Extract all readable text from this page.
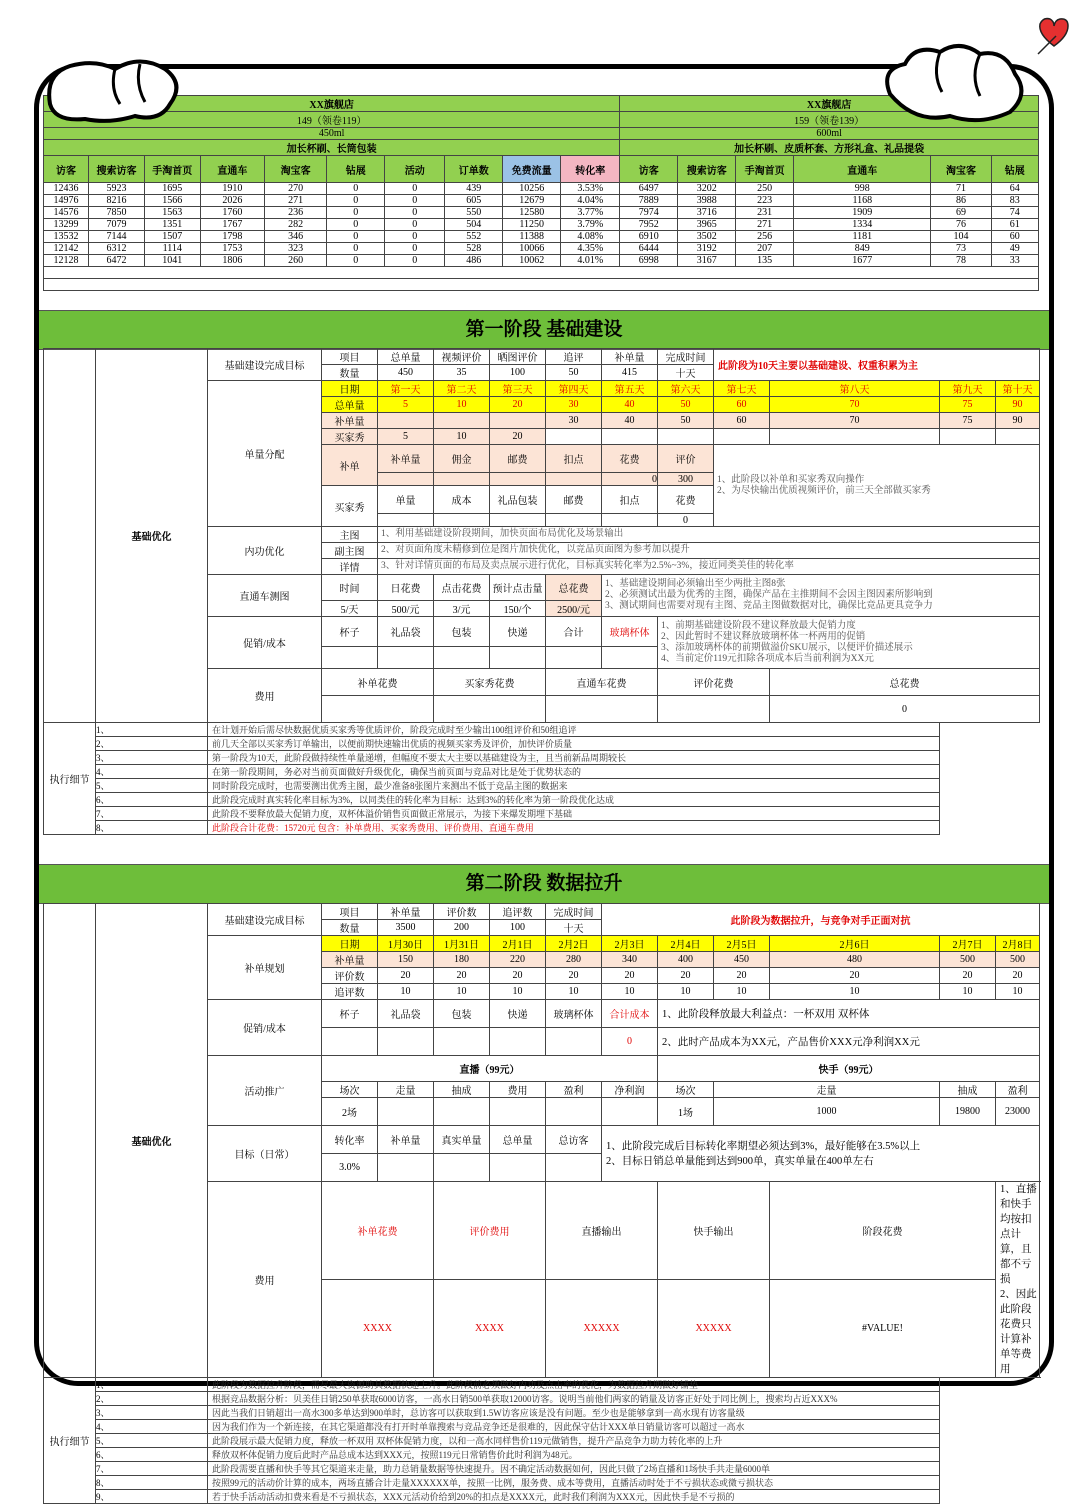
XX旗舰店										XX旗舰店					
149（领卷119）										159（领卷139）					
450ml										600ml					
加长杯刷、长筒包装										加长杯刷、皮质杯套、方形礼盒、礼品提袋					
访客	搜索访客	手淘首页	直通车	淘宝客	钻展	活动	订单数	免费流量	转化率	访客	搜索访客	手淘首页	直通车	淘宝客	钻展
12436	5923	1695	1910	270	0	0	439	10256	3.53%	6497	3202	250	998	71	64
14976	8216	1566	2026	271	0	0	605	12679	4.04%	7889	3988	223	1168	86	83
14576	7850	1563	1760	236	0	0	550	12580	3.77%	7974	3716	231	1909	69	74
13299	7079	1351	1767	282	0	0	504	11250	3.79%	7952	3965	271	1334	76	61
13532	7144	1507	1798	346	0	0	552	11388	4.08%	6910	3502	256	1181	104	60
12142	6312	1114	1753	323	0	0	528	10066	4.35%	6444	3192	207	849	73	49
12128	6472	1041	1806	260	0	0	486	10062	4.01%	6998	3167	135	1677	78	33

第一阶段 基础建设
	基础优化	基础建设完成目标	项目	总单量	视频评价	晒图评价	追评	补单量	完成时间	此阶段为10天主要以基础建设、权重积累为主			
			数量	450	35	100	50	415	十天				
		单量分配	日期	第一天	第二天	第三天	第四天	第五天	第六天	第七天	第八天	第九天	第十天
			总单量	5	10	20	30	40	50	60	70	75	90
			补单量				30	40	50	60	70	75	90
			买家秀	5	10	20							
			补单	补单量	佣金	邮费	扣点	花费	评价	1、此阶段以补单和买家秀双向操作
2、为尽快输出优质视频评价，前三天全部做买家秀			

								0	300				
			买家秀	单量	成本	礼品包装	邮费	扣点	花费				
									0				
		内功优化	主图	1、利用基础建设阶段期间，加快页面布局优化及场景输出									
			副主图	2、对页面角度未精修到位是图片加快优化，以竞品页面图为参考加以提升									
			详情	3、针对详情页面的布局及卖点展示进行优化，目标真实转化率为2.5%~3%，接近同类美佳的转化率									
		直通车测图	时间	日花费	点击花费	预计点击量	总花费	1、基础建设期间必须输出至少两批主图8张
2、必须测试出最为优秀的主图，确保产品在主推期间不会因主图因素所影响到
3、测试期间也需要对现有主图、竞品主图做数据对比，确保比竞品更具竞争力					

			5/天	500/元	3/元	150/个	2500/元						
		促销/成本	杯子	礼品袋	包装	快递	合计	玻璃杯体	1、前期基础建设阶段不建议释放最大促销力度
2、因此暂时不建议释放玻璃杯体一杯两用的促销
3、添加玻璃杯体的前期做溢价SKU展示，以便评价描述展示
4、当前定价119元扣除各项成本后当前利润为XX元				

		费用	补单花费		买家秀花费		直通车花费		评价花费		总花费		
											0		
执行细节	1、	在计划开始后需尽快数据优质买家秀等优质评价，阶段完成时至少输出100组评价和50组追评											
	2、	前几天全部以买家秀订单输出，以便前期快速输出优质的视频买家秀及评价，加快评价质量											
	3、	第一阶段为10天，此阶段做持续性单量递增，但幅度不要太大主要以基础建设为主，且当前新品周期较长											
	4、	在第一阶段期间，务必对当前页面做好升级优化，确保当前页面与竞品对比是处于优势状态的											
	5、	同时阶段完成时，也需要测出优秀主图，最少准备8张图片来测出不低于竞品主图的数据来											
	6、	此阶段完成时真实转化率目标为3%，以同类佳的转化率为目标：达到3%的转化率为第一阶段优化达成											
	7、	此阶段不要释放最大促销力度，双杯体溢价销售页面做正常展示，为接下来爆发期埋下基础											
	8、	此阶段合计花费：15720元 包含：补单费用、买家秀费用、评价费用、直通车费用											
第二阶段 数据拉升
	基础优化	基础建设完成目标	项目	补单量	评价数	追评数	完成时间	此阶段为数据拉升，与竞争对手正面对抗					
			数量	3500	200	100	十天						
		补单规划	日期	1月30日	1月31日	2月1日	2月2日	2月3日	2月4日	2月5日	2月6日	2月7日	2月8日
			补单量	150	180	220	280	340	400	450	480	500	500
			评价数	20	20	20	20	20	20	20	20	20	20
			追评数	10	10	10	10	10	10	10	10	10	10
		促销/成本	杯子	礼品袋	包装	快递	玻璃杯体	合计成本	1、此阶段释放最大利益点：一杯双用 双杯体				
								0	2、此时产品成本为XX元，产品售价XXX元净利润XX元				
		活动推广	直播（99元）						快手（99元）				
			场次	走量	抽成	费用	盈利	净利润	场次	走量		抽成	盈利
			2场						1场	1000		19800	23000
		目标（日常）	转化率	补单量	真实单量	总单量	总访客	1、此阶段完成后目标转化率期望必须达到3%，最好能够在3.5%以上
2、目标日销总单量能到达到900单，真实单量在400单左右					

			3.0%										
		费用	补单花费		评价费用		直播输出		快手输出		阶段花费		1、直播和快手均按扣点计算，且都不亏损
2、因此此阶段花费只计算补单等费用

			XXXX		XXXX		XXXXX		XXXXX		#VALUE!		
执行细节	1、	此阶段为数据拉升阶段，需尽最大资源助其数据快速上升。此阶段前必须做好内功及点击率的优化，为数据拉升期做好铺垫											
	2、	根据竞品数据分析：贝美佳日销250单获取6000访客，一高水日销500单获取12000访客。说明当前他们两家的销量及访客正好处于同比例上，搜索均占近XXX%											
	3、	因此当我们日销超出一高水300多单达到900单时，总访客可以获取到1.5W访客应该是没有问题。至少也是能够拿到一高水现有访客量级											
	4、	因为我们作为一个新连接，在其它渠道都没有打开时单靠搜索与竞品竞争还是很难的，因此保守估计XXX单日销量访客可以超过一高水											
	5、	此阶段展示最大促销力度，释放一杯双用 双杯体促销力度，以和一高水同样售价119元做销售，提升产品竞争力助力转化率的上升											
	6、	释放双杯体促销力度后此时产品总成本达到XXX元，按照119元日常销售价此时利润为48元。											
	7、	此阶段需要直播和快手等其它渠道来走量，助力总销量数据等快速提升。因不确定活动数据如何，因此只做了2场直播和1场快手共走量6000单											
	8、	按照99元的活动价计算的成本，两场直播合计走量XXXXXX单，按照一比例，服务费、成本等费用，直播活动时处于不亏损状态或微亏损状态											
	9、	若于快手活动活动扣费来看是不亏损状态，XXX元活动价给到20%的扣点是XXXX元，此时我们利润为XXX元，因此快手是不亏损的											
